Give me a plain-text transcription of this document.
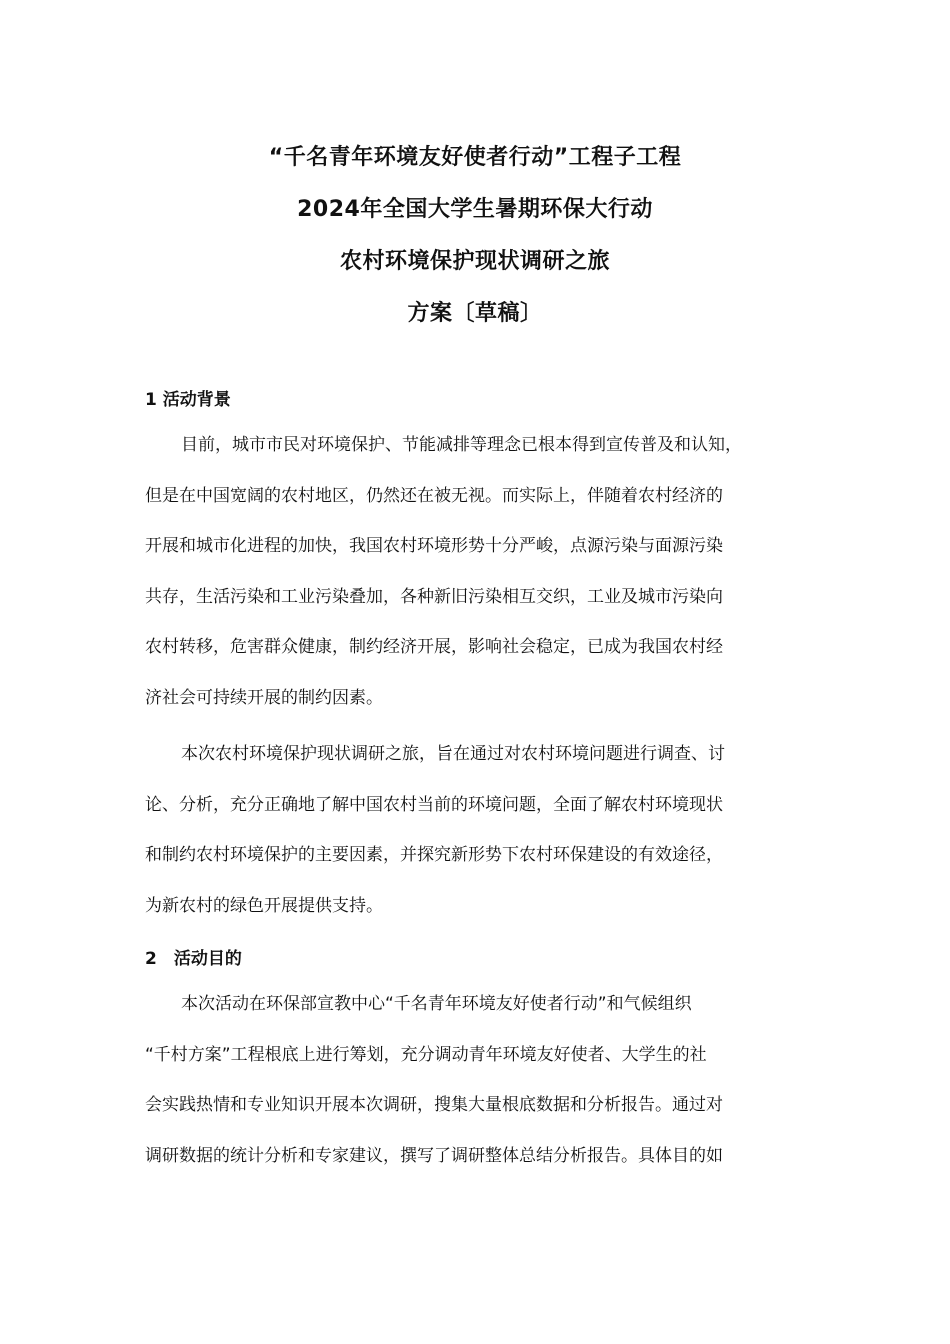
“千名青年环境友好使者行动”工程子工程
2024年全国大学生暑期环保大行动
农村环境保护现状调研之旅
方案〔草稿〕
1 活动背景
目前，城市市民对环境保护、节能减排等理念已根本得到宣传普及和认知，
但是在中国宽阔的农村地区，仍然还在被无视。而实际上，伴随着农村经济的
开展和城市化进程的加快，我国农村环境形势十分严峻，点源污染与面源污染
共存，生活污染和工业污染叠加，各种新旧污染相互交织，工业及城市污染向
农村转移，危害群众健康，制约经济开展，影响社会稳定，已成为我国农村经
济社会可持续开展的制约因素。
本次农村环境保护现状调研之旅，旨在通过对农村环境问题进行调查、讨
论、分析，充分正确地了解中国农村当前的环境问题，全面了解农村环境现状
和制约农村环境保护的主要因素，并探究新形势下农村环保建设的有效途径，
为新农村的绿色开展提供支持。
2　活动目的
本次活动在环保部宣教中心“千名青年环境友好使者行动”和气候组织
“千村方案”工程根底上进行筹划，充分调动青年环境友好使者、大学生的社
会实践热情和专业知识开展本次调研，搜集大量根底数据和分析报告。通过对
调研数据的统计分析和专家建议，撰写了调研整体总结分析报告。具体目的如
